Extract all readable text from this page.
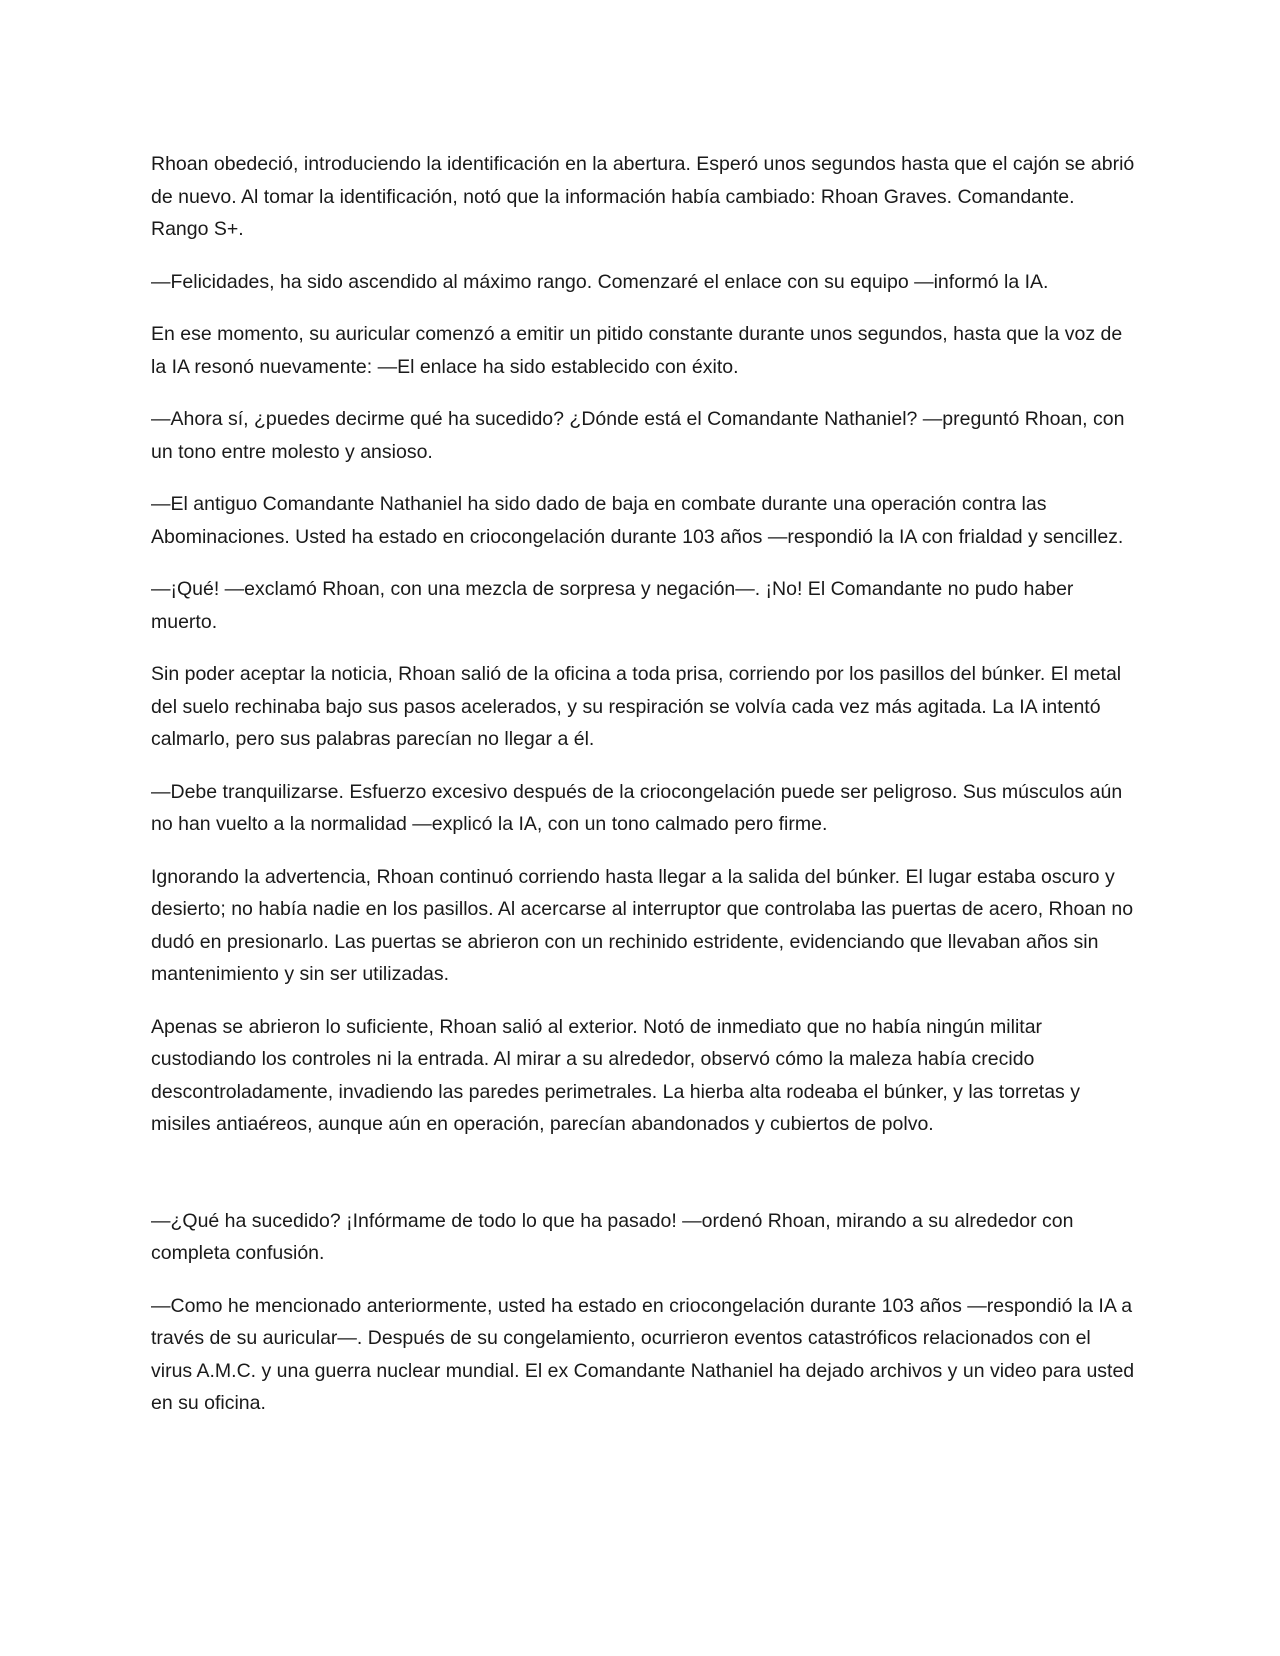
Rhoan obedeció, introduciendo la identificación en la abertura. Esperó unos segundos hasta que el cajón se abrió de nuevo. Al tomar la identificación, notó que la información había cambiado: Rhoan Graves. Comandante. Rango S+.

—Felicidades, ha sido ascendido al máximo rango. Comenzaré el enlace con su equipo —informó la IA.

En ese momento, su auricular comenzó a emitir un pitido constante durante unos segundos, hasta que la voz de la IA resonó nuevamente: —El enlace ha sido establecido con éxito.

—Ahora sí, ¿puedes decirme qué ha sucedido? ¿Dónde está el Comandante Nathaniel? —preguntó Rhoan, con un tono entre molesto y ansioso.

—El antiguo Comandante Nathaniel ha sido dado de baja en combate durante una operación contra las Abominaciones. Usted ha estado en criocongelación durante 103 años —respondió la IA con frialdad y sencillez.

—¡Qué! —exclamó Rhoan, con una mezcla de sorpresa y negación—. ¡No! El Comandante no pudo haber muerto.

Sin poder aceptar la noticia, Rhoan salió de la oficina a toda prisa, corriendo por los pasillos del búnker. El metal del suelo rechinaba bajo sus pasos acelerados, y su respiración se volvía cada vez más agitada. La IA intentó calmarlo, pero sus palabras parecían no llegar a él.

—Debe tranquilizarse. Esfuerzo excesivo después de la criocongelación puede ser peligroso. Sus músculos aún no han vuelto a la normalidad —explicó la IA, con un tono calmado pero firme.

Ignorando la advertencia, Rhoan continuó corriendo hasta llegar a la salida del búnker. El lugar estaba oscuro y desierto; no había nadie en los pasillos. Al acercarse al interruptor que controlaba las puertas de acero, Rhoan no dudó en presionarlo. Las puertas se abrieron con un rechinido estridente, evidenciando que llevaban años sin mantenimiento y sin ser utilizadas.

Apenas se abrieron lo suficiente, Rhoan salió al exterior. Notó de inmediato que no había ningún militar custodiando los controles ni la entrada. Al mirar a su alrededor, observó cómo la maleza había crecido descontroladamente, invadiendo las paredes perimetrales. La hierba alta rodeaba el búnker, y las torretas y misiles antiaéreos, aunque aún en operación, parecían abandonados y cubiertos de polvo.

—¿Qué ha sucedido? ¡Infórmame de todo lo que ha pasado! —ordenó Rhoan, mirando a su alrededor con completa confusión.

—Como he mencionado anteriormente, usted ha estado en criocongelación durante 103 años —respondió la IA a través de su auricular—. Después de su congelamiento, ocurrieron eventos catastróficos relacionados con el virus A.M.C. y una guerra nuclear mundial. El ex Comandante Nathaniel ha dejado archivos y un video para usted en su oficina.
